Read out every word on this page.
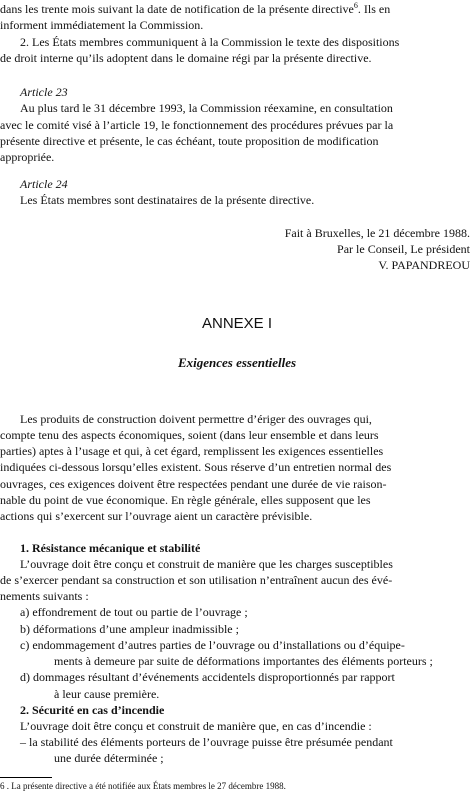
dans les trente mois suivant la date de notification de la présente directive$^6$. Ils en
informent immédiatement la Commission.
2. Les États membres communiquent à la Commission le texte des dispositions
de droit interne qu’ils adoptent dans le domaine régi par la présente directive.
Article 23
Au plus tard le 31 décembre 1993, la Commission réexamine, en consultation
avec le comité visé à l’article 19, le fonctionnement des procédures prévues par la
présente directive et présente, le cas échéant, toute proposition de modification
appropriée.
Article 24
Les États membres sont destinataires de la présente directive.
Fait à Bruxelles, le 21 décembre 1988.
Par le Conseil, Le président
V. PAPANDREOU
ANNEXE I
Exigences essentielles
Les produits de construction doivent permettre d’ériger des ouvrages qui,
compte tenu des aspects économiques, soient (dans leur ensemble et dans leurs
parties) aptes à l’usage et qui, à cet égard, remplissent les exigences essentielles
indiquées ci-dessous lorsqu’elles existent. Sous réserve d’un entretien normal des
ouvrages, ces exigences doivent être respectées pendant une durée de vie raison-
nable du point de vue économique. En règle générale, elles supposent que les
actions qui s’exercent sur l’ouvrage aient un caractère prévisible.
1. Résistance mécanique et stabilité
L’ouvrage doit être conçu et construit de manière que les charges susceptibles
de s’exercer pendant sa construction et son utilisation n’entraînent aucun des évé-
nements suivants :
a) effondrement de tout ou partie de l’ouvrage ;
b) déformations d’une ampleur inadmissible ;
c) endommagement d’autres parties de l’ouvrage ou d’installations ou d’équipe-
ments à demeure par suite de déformations importantes des éléments porteurs ;
d) dommages résultant d’événements accidentels disproportionnés par rapport
à leur cause première.
2. Sécurité en cas d’incendie
L’ouvrage doit être conçu et construit de manière que, en cas d’incendie :
– la stabilité des éléments porteurs de l’ouvrage puisse être présumée pendant
une durée déterminée ;
6 . La présente directive a été notifiée aux États membres le 27 décembre 1988.
